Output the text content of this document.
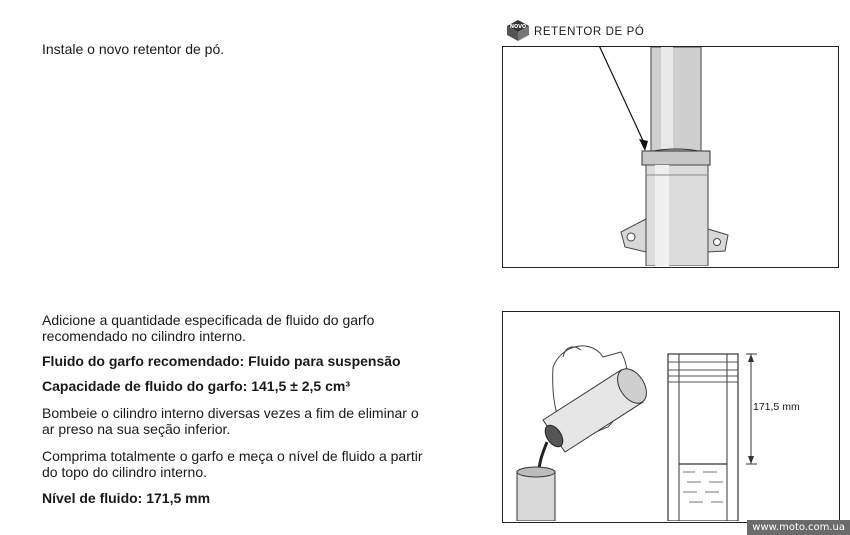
Instale o novo retentor de pó.
NOVO RETENTOR DE PÓ
Adicione a quantidade especificada de fluido do garfo
recomendado no cilindro interno.
Fluido do garfo recomendado: Fluido para suspensão
Capacidade de fluido do garfo: 141,5 ± 2,5 cm³
Bombeie o cilindro interno diversas vezes a fim de eliminar o
ar preso na sua seção inferior.
Comprima totalmente o garfo e meça o nível de fluido a partir
do topo do cilindro interno.
Nível de fluido: 171,5 mm
171,5 mm
www.moto.com.ua
